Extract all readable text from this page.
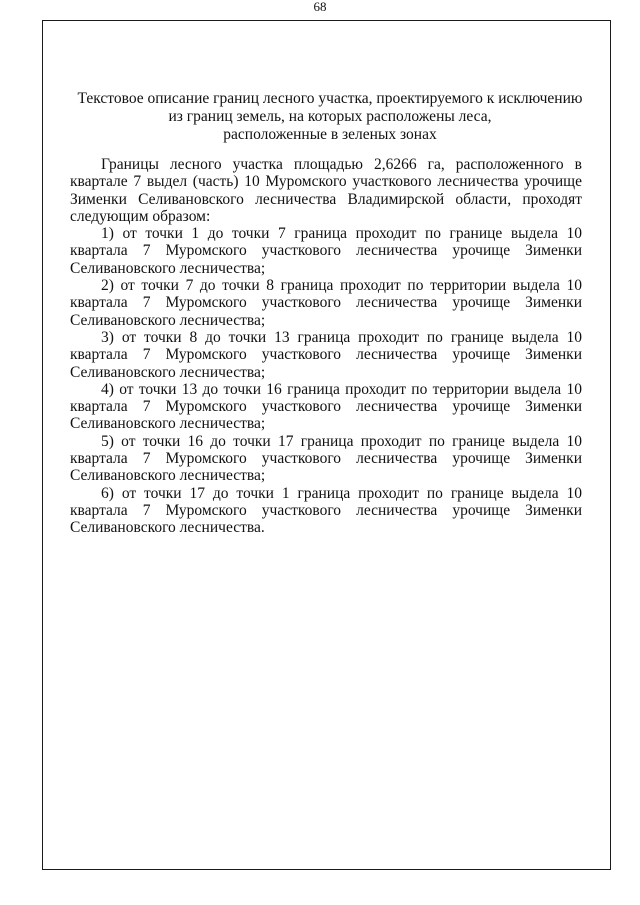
68
Текстовое описание границ лесного участка, проектируемого к исключению
из границ земель, на которых расположены леса,
расположенные в зеленых зонах

Границы лесного участка площадью 2,6266 га, расположенного в квартале 7 выдел (часть) 10 Муромского участкового лесничества урочище Зименки Селивановского лесничества Владимирской области, проходят следующим образом:

1) от точки 1 до точки 7 граница проходит по границе выдела 10 квартала 7 Муромского участкового лесничества урочище Зименки Селивановского лесничества;

2) от точки 7 до точки 8 граница проходит по территории выдела 10 квартала 7 Муромского участкового лесничества урочище Зименки Селивановского лесничества;

3) от точки 8 до точки 13 граница проходит по границе выдела 10 квартала 7 Муромского участкового лесничества урочище Зименки Селивановского лесничества;

4) от точки 13 до точки 16 граница проходит по территории выдела 10 квартала 7 Муромского участкового лесничества урочище Зименки Селивановского лесничества;

5) от точки 16 до точки 17 граница проходит по границе выдела 10 квартала 7 Муромского участкового лесничества урочище Зименки Селивановского лесничества;

6) от точки 17 до точки 1 граница проходит по границе выдела 10 квартала 7 Муромского участкового лесничества урочище Зименки Селивановского лесничества.
